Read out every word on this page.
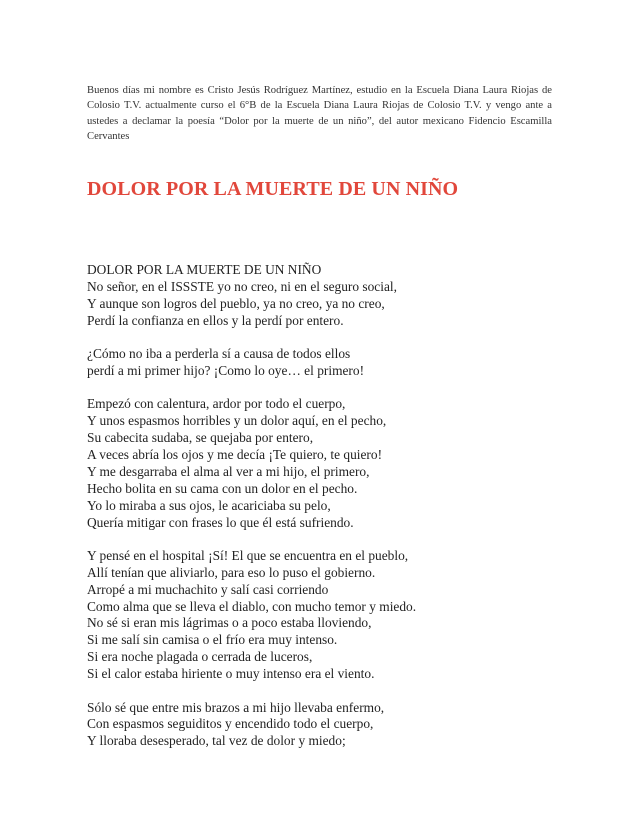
Buenos días mi nombre es Cristo Jesús Rodríguez Martínez, estudio en la Escuela Diana Laura Riojas de Colosio T.V. actualmente curso el 6°B de la Escuela Diana Laura Riojas de Colosio T.V. y vengo ante a ustedes a declamar la poesía “Dolor por la muerte de un niño”, del autor mexicano Fidencio Escamilla Cervantes

DOLOR POR LA MUERTE DE UN NIÑO
DOLOR POR LA MUERTE DE UN NIÑO
No señor, en el ISSSTE yo no creo, ni en el seguro social,
Y aunque son logros del pueblo, ya no creo, ya no creo,
Perdí la confianza en ellos y la perdí por entero.
¿Cómo no iba a perderla sí a causa de todos ellos
perdí a mi primer hijo? ¡Como lo oye… el primero!
Empezó con calentura, ardor por todo el cuerpo,
Y unos espasmos horribles y un dolor aquí, en el pecho,
Su cabecita sudaba, se quejaba por entero,
A veces abría los ojos y me decía ¡Te quiero, te quiero!
Y me desgarraba el alma al ver a mi hijo, el primero,
Hecho bolita en su cama con un dolor en el pecho.
Yo lo miraba a sus ojos, le acariciaba su pelo,
Quería mitigar con frases lo que él está sufriendo.
Y pensé en el hospital ¡Sí! El que se encuentra en el pueblo,
Allí tenían que aliviarlo, para eso lo puso el gobierno.
Arropé a mi muchachito y salí casi corriendo
Como alma que se lleva el diablo, con mucho temor y miedo.
No sé si eran mis lágrimas o a poco estaba lloviendo,
Si me salí sin camisa o el frío era muy intenso.
Si era noche plagada o cerrada de luceros,
Si el calor estaba hiriente o muy intenso era el viento.
Sólo sé que entre mis brazos a mi hijo llevaba enfermo,
Con espasmos seguiditos y encendido todo el cuerpo,
Y lloraba desesperado, tal vez de dolor y miedo;
